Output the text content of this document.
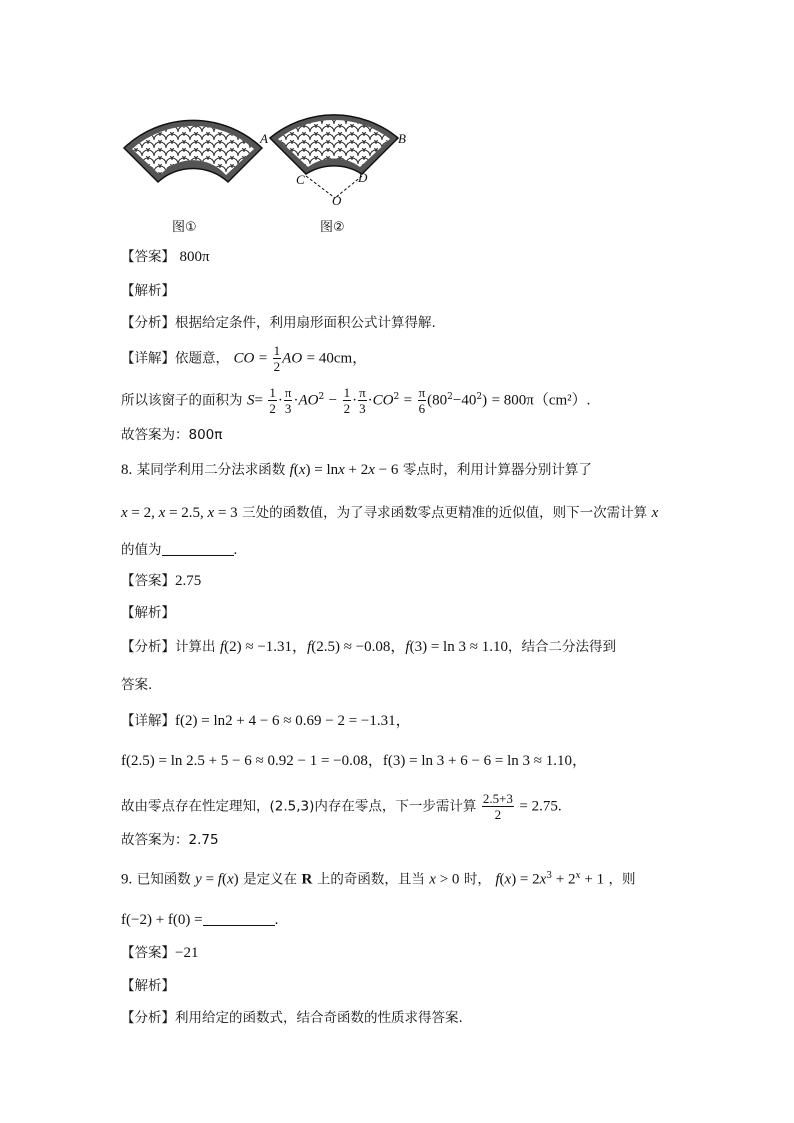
A	B
C	D
O
图①	图②
【答案】 800π
【解析】
【分析】根据给定条件，利用扇形面积公式计算得解.
【详解】依题意， CO = $\frac{1}{2}$ AO = 40cm，
所以该窗子的面积为 $S= \frac{1}{2} \cdot \frac{\pi}{3} \cdot AO^2 - \frac{1}{2} \cdot \frac{\pi}{3} \cdot CO^2 = \frac{\pi}{6} (80^2-40^2) = 800\pi(cm^2)$.
故答案为：800π
8. 某同学利用二分法求函数 f(x) = lnx + 2x − 6 零点时，利用计算器分别计算了
x = 2, x = 2.5, x = 3 三处的函数值，为了寻求函数零点更精准的近似值，则下一次需计算 x
的值为	.
【答案】2.75
【解析】
【分析】计算出 f(2) ≈ −1.31，f(2.5) ≈ −0.08，f(3) = ln 3 ≈ 1.10，结合二分法得到
答案.
【详解】f(2) = ln2 + 4 − 6 ≈ 0.69 − 2 = −1.31，
f(2.5) = ln 2.5 + 5 − 6 ≈ 0.92 − 1 = −0.08，f(3) = ln 3 + 6 − 6 = ln 3 ≈ 1.10，
故由零点存在性定理知，(2.5,3)内存在零点，下一步需计算 $\frac{2.5+3}{2} = 2.75$.
故答案为：2.75
9. 已知函数 y = f(x) 是定义在 R 上的奇函数，且当 x > 0 时， $f(x) = 2x^3 + 2^x + 1$ ，则
f(−2) + f(0) =	.
【答案】−21
【解析】
【分析】利用给定的函数式，结合奇函数的性质求得答案.
